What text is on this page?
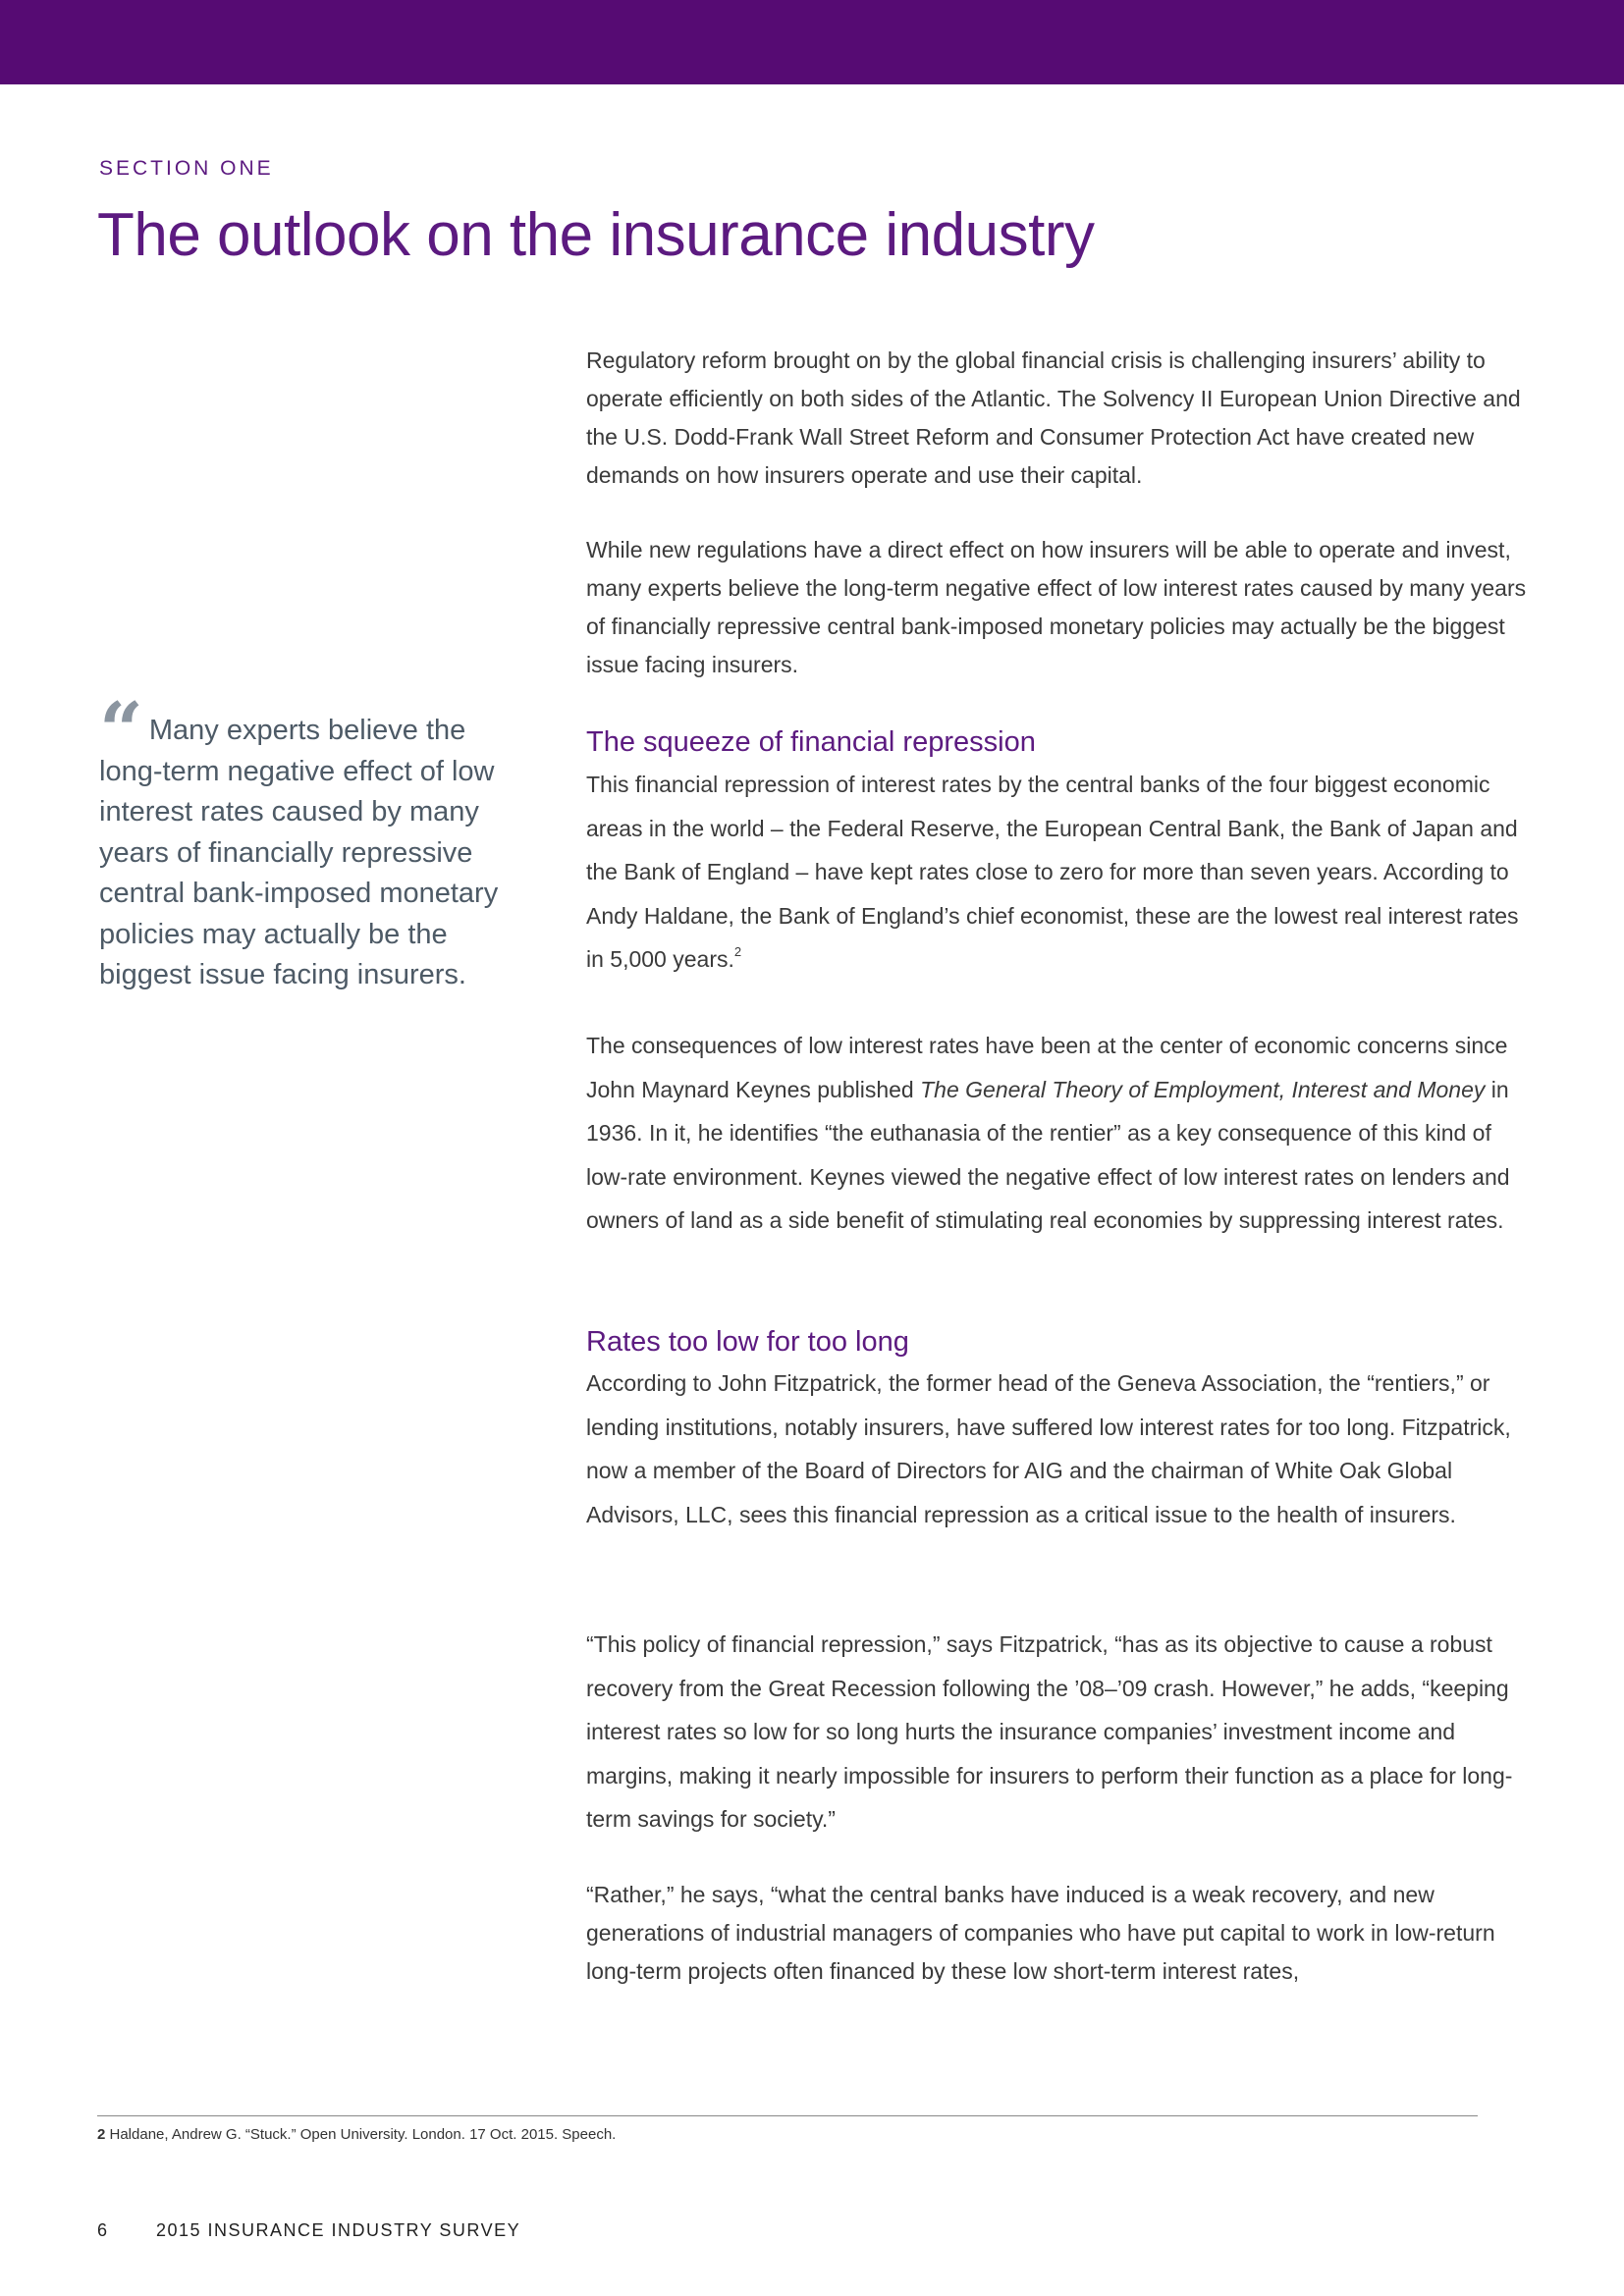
SECTION ONE
The outlook on the insurance industry
“ Many experts believe the long-term negative effect of low interest rates caused by many years of financially repressive central bank-imposed monetary policies may actually be the biggest issue facing insurers.

Regulatory reform brought on by the global financial crisis is challenging insurers’ ability to operate efficiently on both sides of the Atlantic. The Solvency II European Union Directive and the U.S. Dodd-Frank Wall Street Reform and Consumer Protection Act have created new demands on how insurers operate and use their capital.

While new regulations have a direct effect on how insurers will be able to operate and invest, many experts believe the long-term negative effect of low interest rates caused by many years of financially repressive central bank-imposed monetary policies may actually be the biggest issue facing insurers.

The squeeze of financial repression

This financial repression of interest rates by the central banks of the four biggest economic areas in the world – the Federal Reserve, the European Central Bank, the Bank of Japan and the Bank of England – have kept rates close to zero for more than seven years. According to Andy Haldane, the Bank of England’s chief economist, these are the lowest real interest rates in 5,000 years.$^2$

The consequences of low interest rates have been at the center of economic concerns since John Maynard Keynes published The General Theory of Employment, Interest and Money in 1936. In it, he identifies “the euthanasia of the rentier” as a key consequence of this kind of low-rate environment. Keynes viewed the negative effect of low interest rates on lenders and owners of land as a side benefit of stimulating real economies by suppressing interest rates.

Rates too low for too long

According to John Fitzpatrick, the former head of the Geneva Association, the “rentiers,” or lending institutions, notably insurers, have suffered low interest rates for too long. Fitzpatrick, now a member of the Board of Directors for AIG and the chairman of White Oak Global Advisors, LLC, sees this financial repression as a critical issue to the health of insurers.

“This policy of financial repression,” says Fitzpatrick, “has as its objective to cause a robust recovery from the Great Recession following the ’08–’09 crash. However,” he adds, “keeping interest rates so low for so long hurts the insurance companies’ investment income and margins, making it nearly impossible for insurers to perform their function as a place for long-term savings for society.”

“Rather,” he says, “what the central banks have induced is a weak recovery, and new generations of industrial managers of companies who have put capital to work in low-return long-term projects often financed by these low short-term interest rates,

2 Haldane, Andrew G. “Stuck.” Open University. London. 17 Oct. 2015. Speech.
6	2015 INSURANCE INDUSTRY SURVEY
